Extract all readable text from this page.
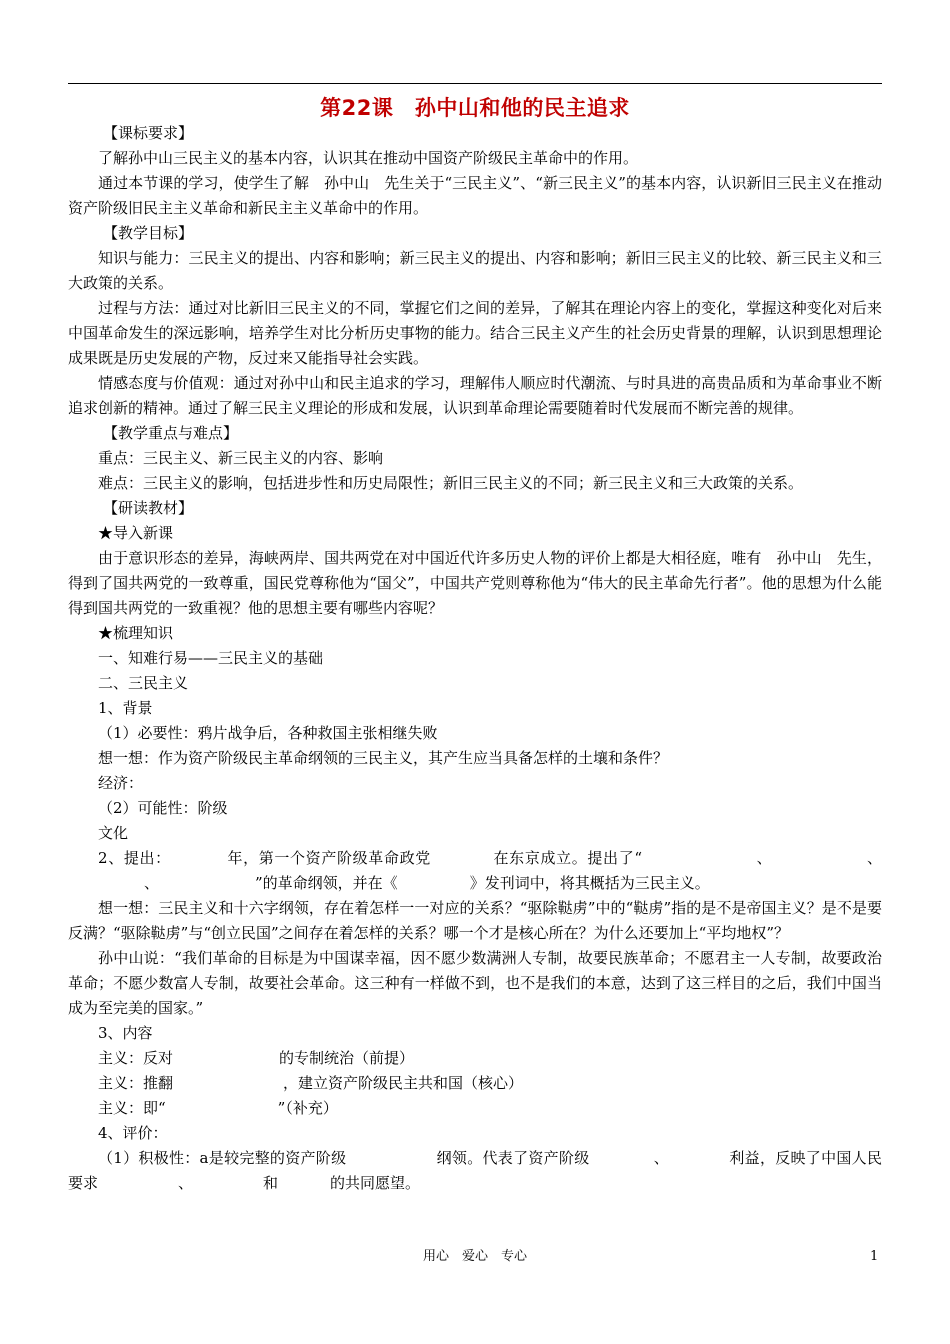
第22课　孙中山和他的民主追求

【课标要求】

了解孙中山三民主义的基本内容，认识其在推动中国资产阶级民主革命中的作用。

通过本节课的学习，使学生了解　孙中山　先生关于“三民主义”、“新三民主义”的基本内容，认识新旧三民主义在推动资产阶级旧民主主义革命和新民主主义革命中的作用。

【教学目标】

知识与能力：三民主义的提出、内容和影响；新三民主义的提出、内容和影响；新旧三民主义的比较、新三民主义和三大政策的关系。

过程与方法：通过对比新旧三民主义的不同，掌握它们之间的差异，了解其在理论内容上的变化，掌握这种变化对后来中国革命发生的深远影响，培养学生对比分析历史事物的能力。结合三民主义产生的社会历史背景的理解，认识到思想理论成果既是历史发展的产物，反过来又能指导社会实践。

情感态度与价值观：通过对孙中山和民主追求的学习，理解伟人顺应时代潮流、与时具进的高贵品质和为革命事业不断追求创新的精神。通过了解三民主义理论的形成和发展，认识到革命理论需要随着时代发展而不断完善的规律。

【教学重点与难点】

重点：三民主义、新三民主义的内容、影响

难点：三民主义的影响，包括进步性和历史局限性；新旧三民主义的不同；新三民主义和三大政策的关系。

【研读教材】

★导入新课

由于意识形态的差异，海峡两岸、国共两党在对中国近代许多历史人物的评价上都是大相径庭，唯有　孙中山　先生，得到了国共两党的一致尊重，国民党尊称他为“国父”，中国共产党则尊称他为“伟大的民主革命先行者”。他的思想为什么能得到国共两党的一致重视？他的思想主要有哪些内容呢？

★梳理知识

一、知难行易——三民主义的基础

二、三民主义

1、背景

（1）必要性：鸦片战争后，各种救国主张相继失败

想一想：作为资产阶级民主革命纲领的三民主义，其产生应当具备怎样的土壤和条件？

经济：

（2）可能性：阶级

文化

2、提出：	年，第一个资产阶级革命政党	在东京成立。提出了“	、	、、	”的革命纲领，并在《	》发刊词中，将其概括为三民主义。

想一想：三民主义和十六字纲领，存在着怎样一一对应的关系？“驱除鞑虏”中的“鞑虏”指的是不是帝国主义？是不是要反满？“驱除鞑虏”与“创立民国”之间存在着怎样的关系？哪一个才是核心所在？为什么还要加上“平均地权”？

孙中山说：“我们革命的目标是为中国谋幸福，因不愿少数满洲人专制，故要民族革命；不愿君主一人专制，故要政治革命；不愿少数富人专制，故要社会革命。这三种有一样做不到，也不是我们的本意，达到了这三样目的之后，我们中国当成为至完美的国家。”

3、内容

主义：反对	的专制统治（前提）

主义：推翻	，建立资产阶级民主共和国（核心）

主义：即“	”（补充）

4、评价：

（1）积极性：a是较完整的资产阶级	纲领。代表了资产阶级	、	利益，反映了中国人民要求	、	和	的共同愿望。

用心　爱心　专心	1
